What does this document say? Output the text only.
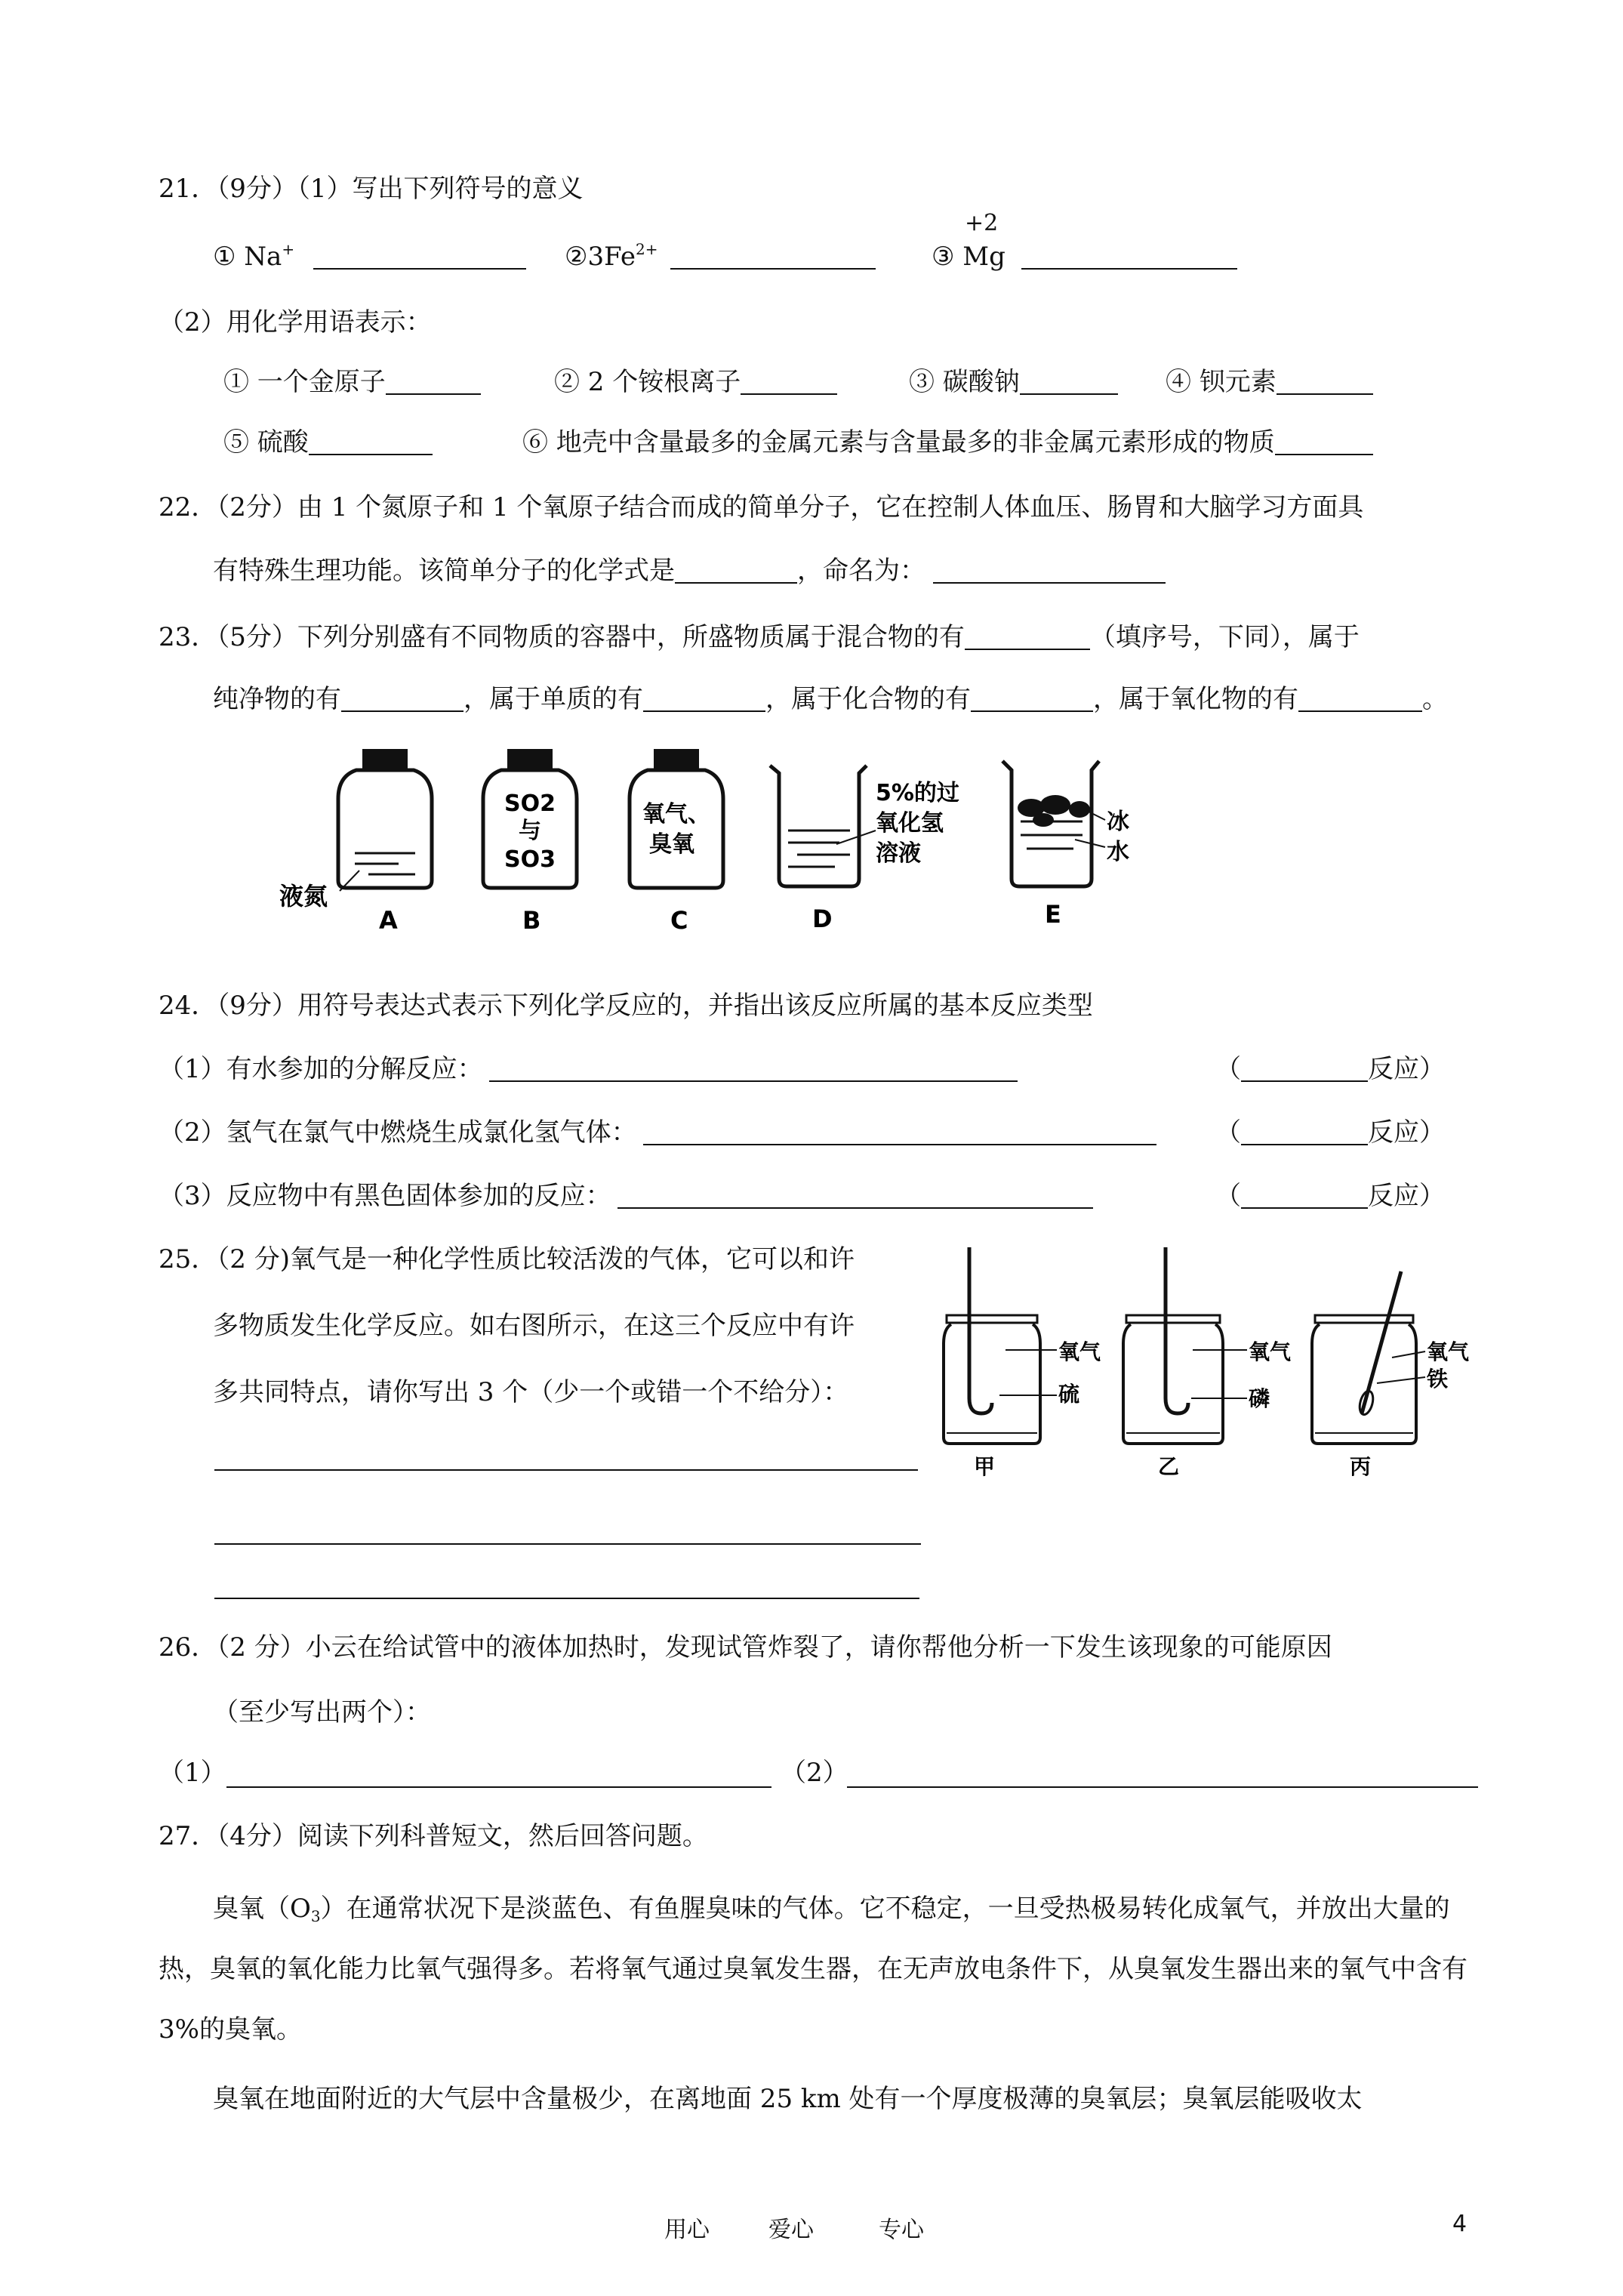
21．（9分）（1）写出下列符号的意义
① Na+	$②3Fe^{2+}$
+2
③ Mg
（2）用化学用语表示：
① 一个金原子	② 2 个铵根离子	③ 碳酸钠	④ 钡元素
⑤ 硫酸	⑥ 地壳中含量最多的金属元素与含量最多的非金属元素形成的物质
22．（2分）由 1 个氮原子和 1 个氧原子结合而成的简单分子，它在控制人体血压、肠胃和大脑学习方面具
有特殊生理功能。该简单分子的化学式是	，命名为：
23．（5分）下列分别盛有不同物质的容器中，所盛物质属于混合物的有	（填序号，下同），属于
纯净物的有	，属于单质的有	，属于化合物的有	，属于氧化物的有	。
液氮
A
SO2
与
SO3
B
氧气、
臭氧
C
5%的过
氧化氢
溶液
D
冰
水
E
24．（9分）用符号表达式表示下列化学反应的，并指出该反应所属的基本反应类型
（1）有水参加的分解反应：	（	反应）
（2）氢气在氯气中燃烧生成氯化氢气体：	（	反应）
（3）反应物中有黑色固体参加的反应：	（	反应）
25．（2 分)氧气是一种化学性质比较活泼的气体，它可以和许
多物质发生化学反应。如右图所示，在这三个反应中有许
多共同特点，请你写出 3 个（少一个或错一个不给分）：
氧气
硫
甲
氧气
磷
乙
氧气
铁
丙
26．（2 分）小云在给试管中的液体加热时，发现试管炸裂了，请你帮他分析一下发生该现象的可能原因
（至少写出两个）：
（1）	（2）
27．（4分）阅读下列科普短文，然后回答问题。
臭氧$(O_3)$在通常状况下是淡蓝色、有鱼腥臭味的气体。它不稳定，一旦受热极易转化成氧气，并放出大量的热，臭氧的氧化能力比氧气强得多。若将氧气通过臭氧发生器，在无声放电条件下，从臭氧发生器出来的氧气中含有 3%的臭氧。
臭氧在地面附近的大气层中含量极少，在离地面 25 km 处有一个厚度极薄的臭氧层；臭氧层能吸收太
用心	爱心	专心	4
